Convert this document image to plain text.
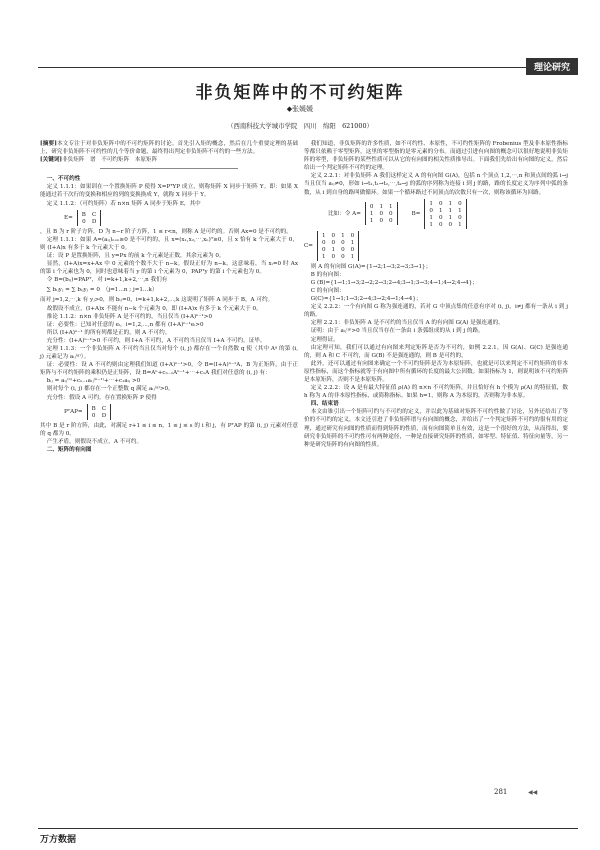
理论研究
非负矩阵中的不可约矩阵
◆张媛媛
（西南科技大学城市学院　四川　绵阳　621000）

[摘要]本文专注于对非负矩阵中的不可约矩阵的讨论。首先引入矩的概念，然后在几个重要定理的基础上，研究非负矩阵不可约性的几个等价命题，最终得出判定非负矩阵不可约的一些方法。

[关键词]非负矩阵　谱　不可约矩阵　本原矩阵

一、不可约性

定义 1.1.1：如果训在一个置换矩阵 P 使得 X=PᵀYP 成立，则称矩阵 X 同步于矩阵 Y。即：如果 X 能通过若干次行的变换和相应的列的变换换成 Y，就称 X 同步于 Y。

定义 1.1.2：（可约矩阵）若 n×n 矩阵 A 同步于矩阵 E，其中

E= B C
0 D

，且 B 为 r 阶子方阵，D 为 n−r 阶子方阵，1 ≤ r<n，则称 A 是可约的。否则 Ax=0 是不可约的。

定理 1.1.1：如果 A=(aᵢⱼ)ₙₓₙ≥0 是不可约的，且 x=(x₁,x₂,⋯,xₙ)ᵀ≥0，且 x 恰有 k 个元素大于 0，则 (I+A)x 有多于 k 个元素大于 0。

证：设 P 是置换矩阵，且 y=Px 的前 k 个元素是正数，其余元素为 0。

显然，(I+A)x=x+Ax 中 0 元素的个数不大于 n−k。假设正好为 n−k，这意味着，当 xᵢ=0 时 Ax 的第 i 个元素也为 0，同时也意味着当 y 的第 i 个元素为 0，PAPᵀy 的第 i 个元素也为 0。

令 B=(bᵢⱼ)=PAPᵀ，对 i=k+1,k+2,⋯,n 我们有

∑ bᵢⱼyⱼ = ∑ bᵢⱼyⱼ = 0　（j=1…n ; j=1…k）

而对 j=1,2,⋯,k 有 yⱼ>0，则 bᵢⱼ=0，i=k+1,k+2,⋯,k 这说明了矩阵 A 同步于 B，A 可约。

故假设不成立，(I+A)x 不能有 n−k 个元素为 0，即 (I+A)x 有多于 k 个元素大于 0。

推论 1.1.2：n×n 非负矩阵 A 是不可约的，当且仅当 (I+A)ⁿ⁻¹>0

证：必要性：已知对任意的 eᵢ，i=1,2,⋯,n 都有 (I+A)ⁿ⁻¹eᵢ>0

所以 (I+A)ⁿ⁻¹ 的所有列都是正的，则 A 不可约。

充分性：(I+A)ⁿ⁻¹>0 不可约，则 I+A 不可约，A 不可约当且仅当 I+A 不可约，证毕。

定理 1.1.3：一个非负矩阵 A 不可约当且仅当对每个 (i, j) 都存在一个自然数 q 使（其中 Aᵍ 的第 (i, j) 元素记为 aᵢⱼ⁽ᵍ⁾）。

证：必要性：设 A 不可约则由定理我们知道 (I+A)ⁿ⁻¹>0，令 B=(I+A)ⁿ⁻¹A，B 为正矩阵，由于正矩阵与不可约矩阵的乘积仍是正矩阵，设 B=Aⁿ+cₙ₋₁Aⁿ⁻¹+⋯+c₁A 我们对任意的 (i, j) 有：

bᵢⱼ = aᵢⱼ⁽ⁿ⁾+cₙ₋₁aᵢⱼ⁽ⁿ⁻¹⁾+⋯+c₁aᵢⱼ >0

则对每个 (i, j) 都存在一个正整数 q 满足 aᵢⱼ⁽ᵍ⁾>0。

充分性：假设 A 可约，存在置换矩阵 P 使得

PᵀAP= B C
0 D

其中 B 是 r 阶方阵，由此，对满足 r+1 ≤ i ≤ n，1 ≤ j ≤ s 的 i 和 j，有 PᵀAP 的第 (i, j) 元素对任意的 q 都为 0。

产生矛盾，则假设不成立，A 不可约。

二、矩阵的有向图

我们知道，非负矩阵的许多性质，如不可约性、本原性，不可约性矩阵的 Frobenius 型及非本原性指标等都只依赖于零型矩阵，这里的零型指的是零元素的分布。而通过引进有向图的概念可以很好地说明非负矩阵的零型，非负矩阵的某些性质可以从它的有向图的相关性质推导出。下面我们先给出有向图的定义，然后给出一个判定矩阵不可约的定理。

定义 2.2.1：对非负矩阵 A 我们这样定义 A 的有向图 G(A)，包括 n 个顶点 1,2,⋯,n 和顶点间的弧 i→j 当且仅当 aᵢⱼ≠0，形如 i→t₁,t₁→t₂,⋯,tₖ→j 的弧的序列称为连接 i 到 j 的路，路的长度定义为序列中弧的条数，从 i 到自身的路叫做循环。如果一个循环路过不同顶点的次数只有一次，则称该循环为回路。

比如：令 A=
0 1 1
1 0 0
1 0 0
B=
1 0 1 0
0 1 1 1
1 0 1 0
1 0 0 1
C=
1 0 1 0
0 0 0 1
0 1 0 0
1 0 0 1

则 A 的有向图 G(A)={1→2;1→3;2→3;3→1}；

B 的有向图：

G (B)={1→1;1→3;2→2;2→3;2→4;3→1;3→3;4→1;4→2;4→4}；

C 的有向图：

G(C)={1→1;1→3;2→4;3→2;4→1;4→4}；

定义 2.2.2：一个有向图 G 称为强连通的，若对 G 中顶点集的任意有序对 (i, j)，i≠j 都有一条从 i 到 j 的路。

定理 2.2.1：非负矩阵 A 是不可约的当且仅当 A 的有向图 G(A) 是强连通的。

证明：由于 aᵢⱼ⁽ᵍ⁾>0 当且仅当存在一条由 i 条弧组成的从 i 到 j 的路。

定理得证。

由定理可知，我们可以通过有向图来判定矩阵是否为不可约，如例 2.2.1，因 G(A)、G(C) 是强连通的，则 A 和 C 不可约，而 G(B) 不是强连通的，则 B 是可约的。

此外，还可以通过有向图来确定一个不可约矩阵是否为本原矩阵，也就是可以来判定不可约矩阵的非本原性指标，而这个指标就等于有向图中所有循环的长度的最大公因数。如果指标为 1，则说明该不可约矩阵是本原矩阵，否则不是本原矩阵。

定义 2.2.2：设 A 是有最大特征值 ρ(A) 的 n×n 不可约矩阵，并且恰好有 h 个模为 ρ(A) 的特征值，数 h 称为 A 的非本原性指标，或简称指标。如果 h=1，则称 A 为本原的，否则称为非本原。

四、结束语

本文由锥引出一个矩阵可约与不可约的定义，并以此为基础对矩阵不可约性做了讨论，另外还给出了等价的不可约的定义，本文还引进了非负矩阵谱与有向图的概念，并给出了一个判定矩阵不可约的很有用的定理，通过研究有向图的性质而得到矩阵的性质，而有向图简单且有效，这是一个很好的方法，从而得出，要研究非负矩阵的不可约性可有两种途径，一种是直接研究矩阵的性质，如零型、特征值、特征向量等，另一种是研究矩阵的有向图的性质。

281	◀◀
万方数据
